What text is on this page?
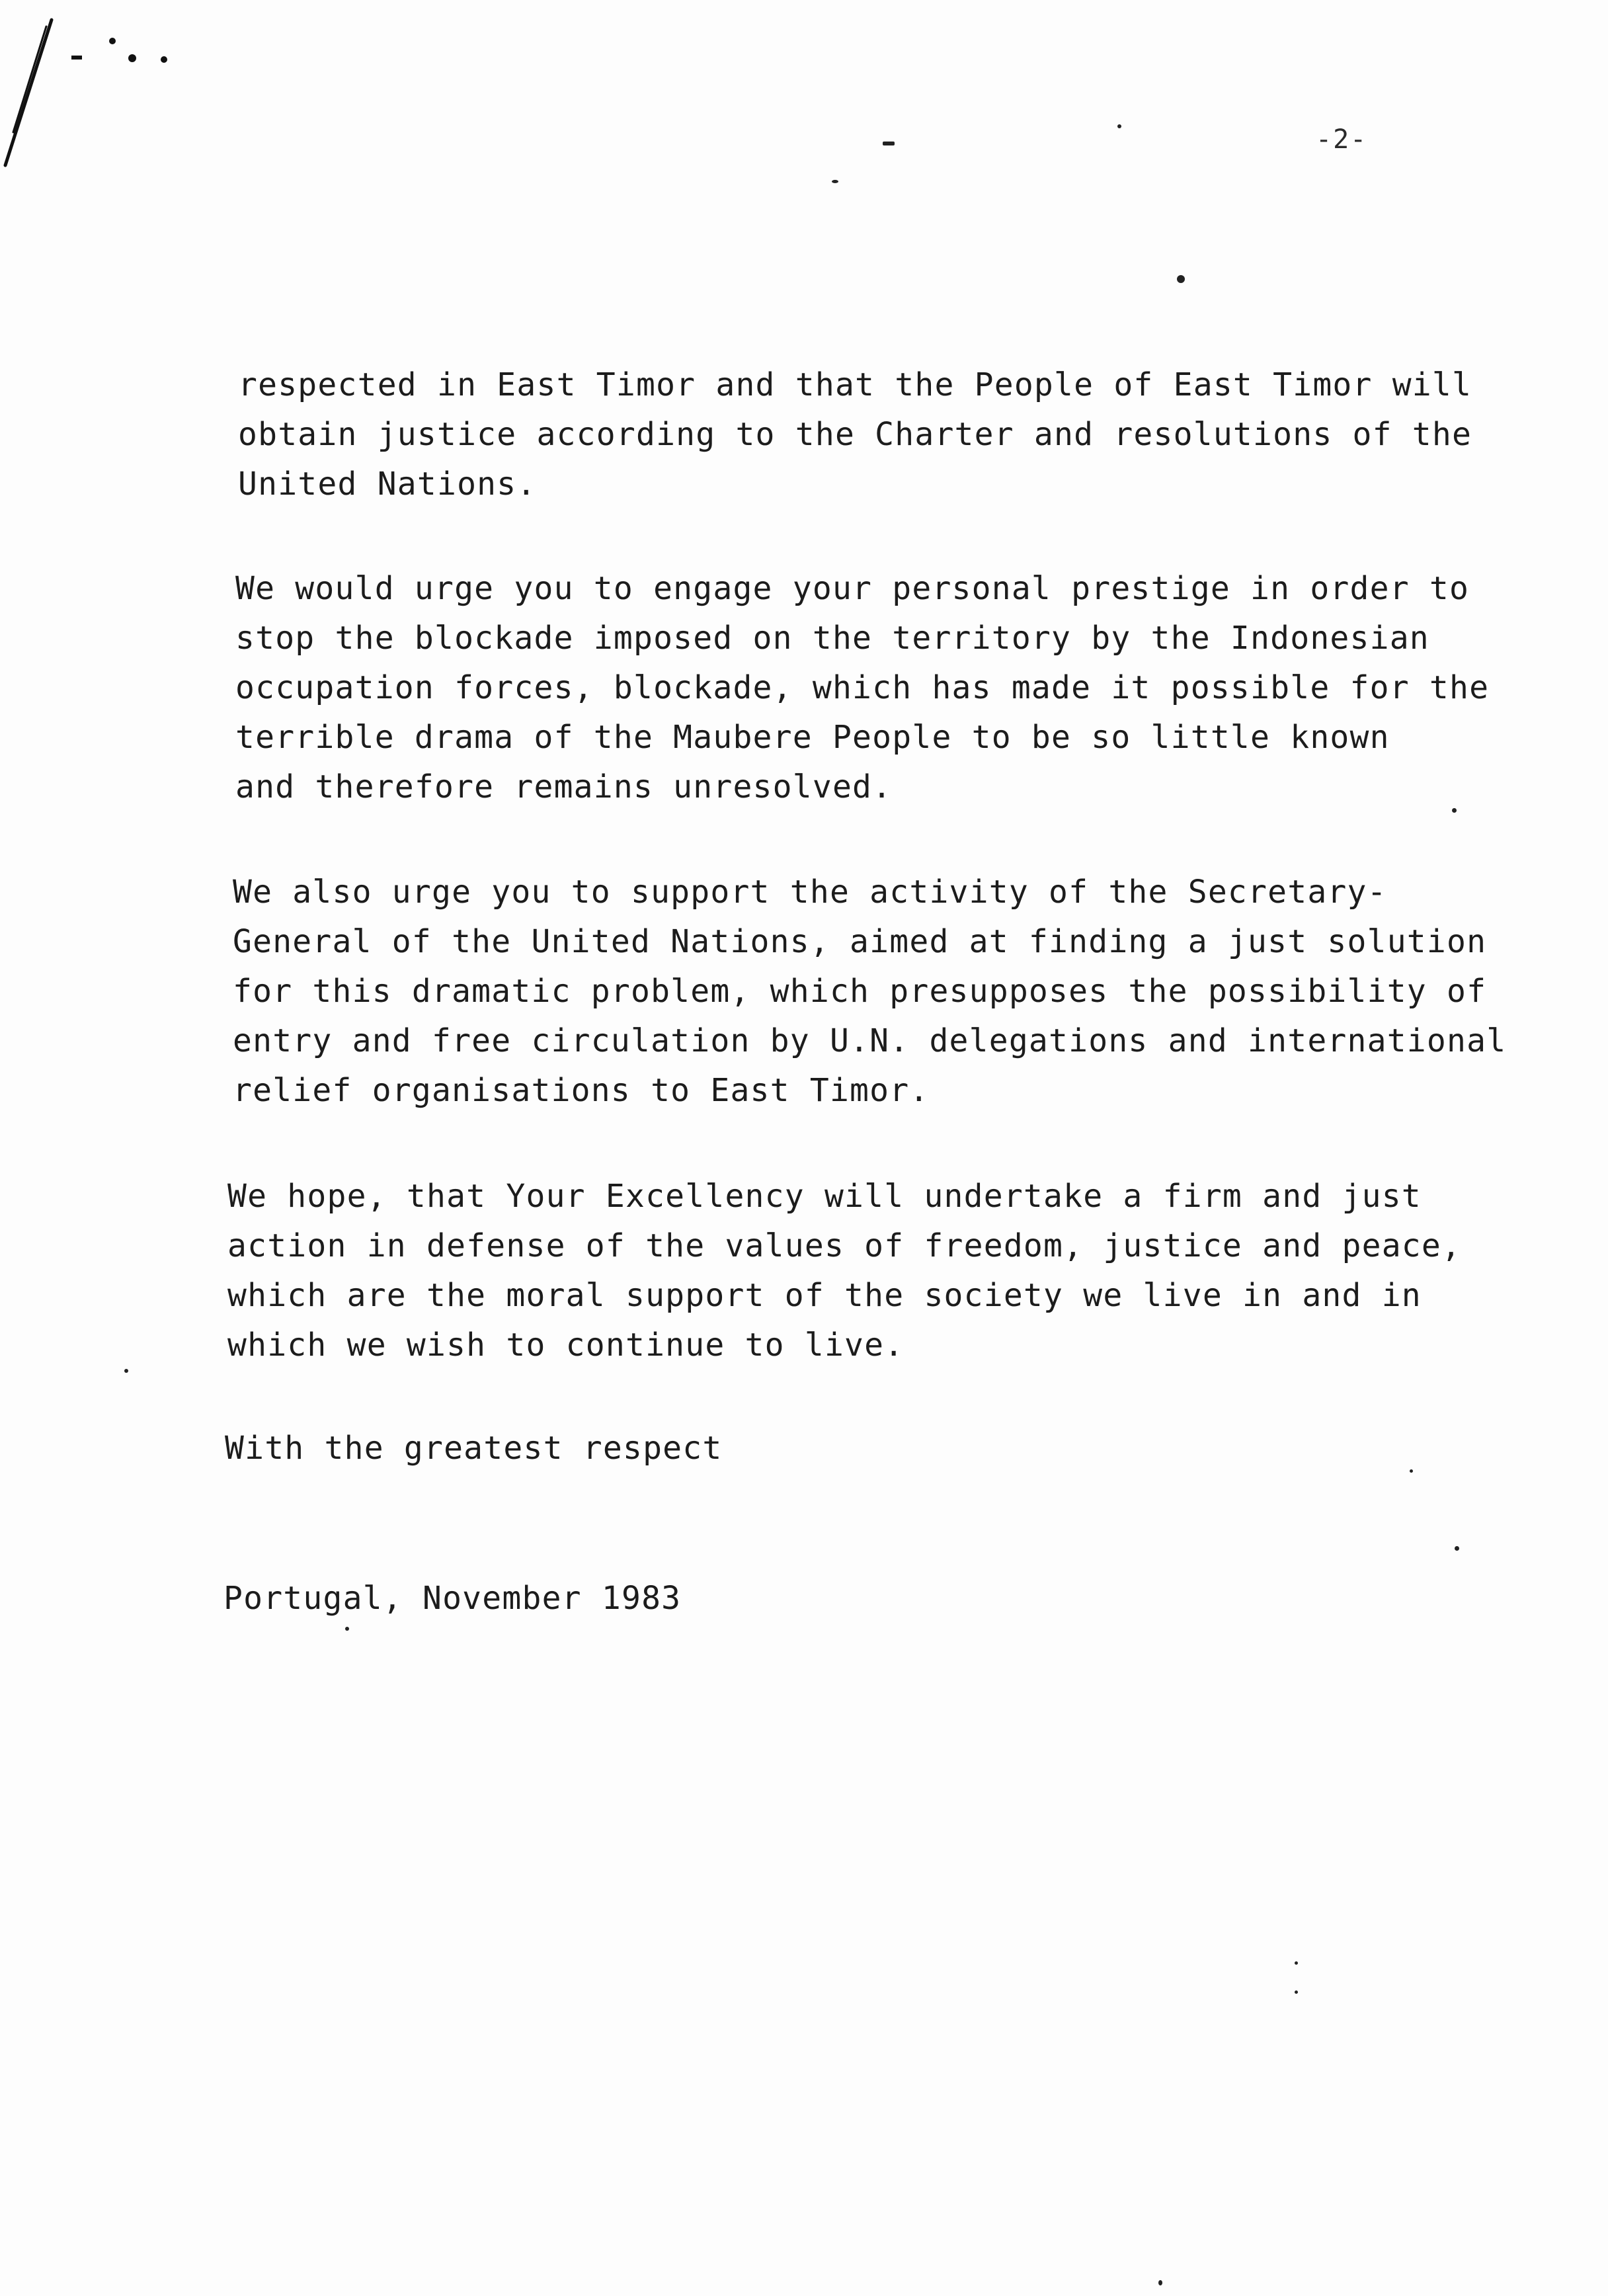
-2-

respected in East Timor and that the People of East Timor will
obtain justice according to the Charter and resolutions of the
United Nations.

We would urge you to engage your personal prestige in order to
stop the blockade imposed on the territory by the Indonesian
occupation forces, blockade, which has made it possible for the
terrible drama of the Maubere People to be so little known
and therefore remains unresolved.

We also urge you to support the activity of the Secretary-
General of the United Nations, aimed at finding a just solution
for this dramatic problem, which presupposes the possibility of
entry and free circulation by U.N. delegations and international
relief organisations to East Timor.

We hope, that Your Excellency will undertake a firm and just
action in defense of the values of freedom, justice and peace,
which are the moral support of the society we live in and in
which we wish to continue to live.

With the greatest respect

Portugal, November 1983
